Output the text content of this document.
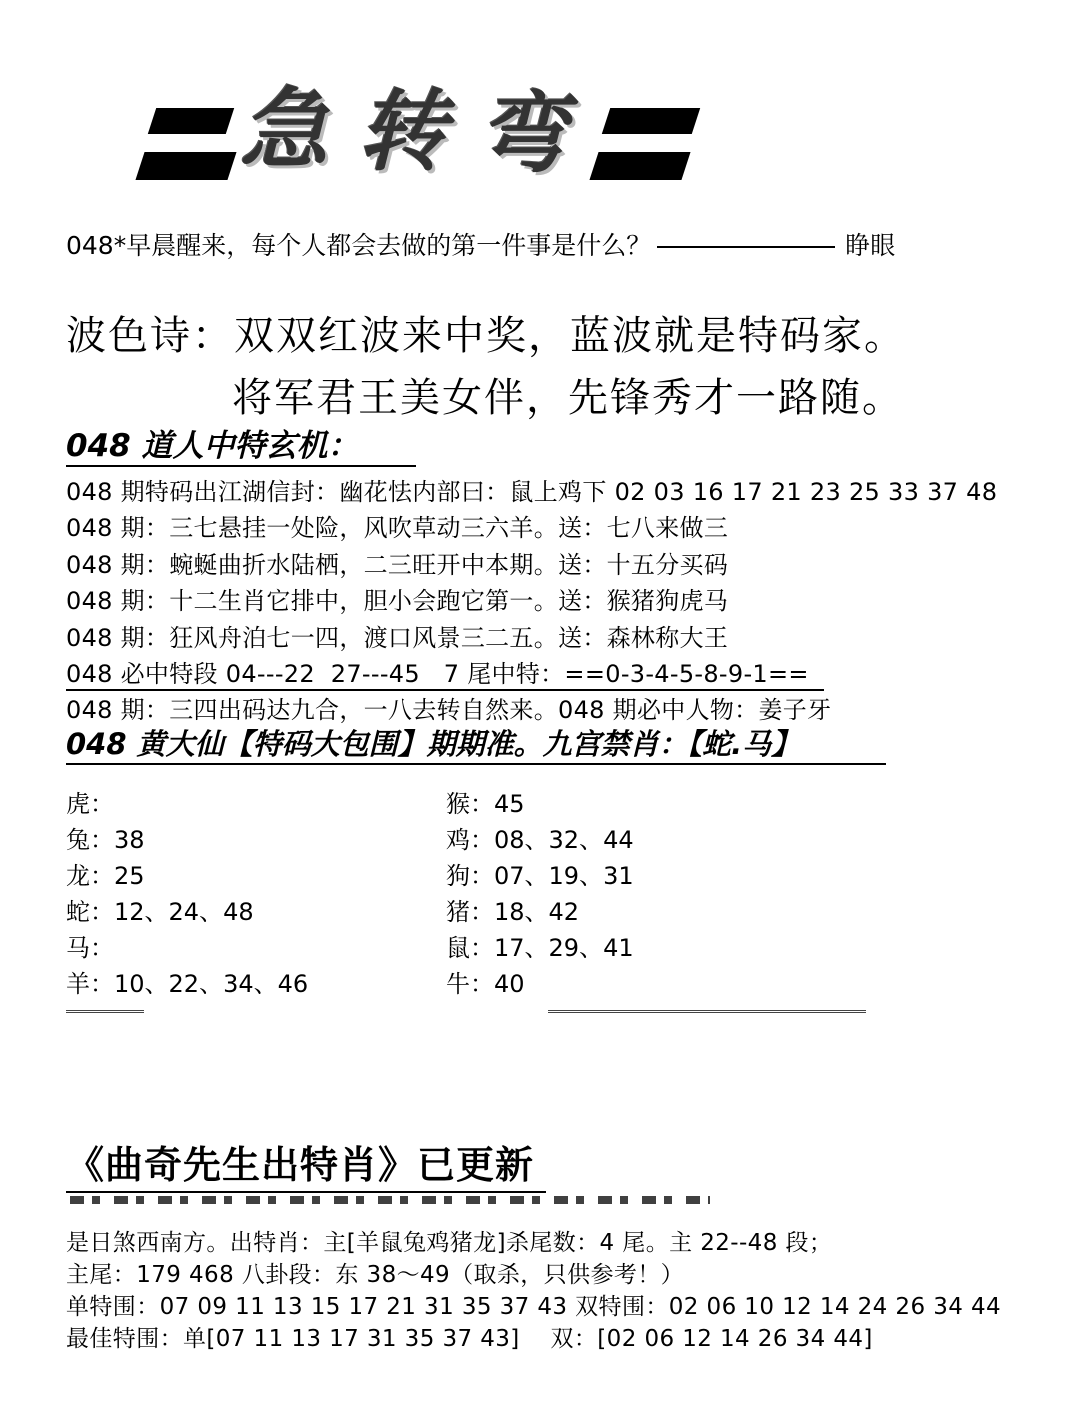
急 转 弯
048*早晨醒来，每个人都会去做的第一件事是什么？	睁眼
波色诗：双双红波来中奖，蓝波就是特码家。
将军君王美女伴，先锋秀才一路随。
048 道人中特玄机：
048 期特码出江湖信封：幽花怯内部曰：鼠上鸡下 02 03 16 17 21 23 25 33 37 48
048 期：三七悬挂一处险，风吹草动三六羊。送：七八来做三
048 期：蜿蜒曲折水陆栖，二三旺开中本期。送：十五分买码
048 期：十二生肖它排中，胆小会跑它第一。送：猴猪狗虎马
048 期：狂风舟泊七一四，渡口风景三二五。送：森林称大王
048 必中特段 04---22  27---45   7 尾中特：==0-3-4-5-8-9-1==
048 期：三四出码达九合，一八去转自然来。048 期必中人物：姜子牙
048 黄大仙【特码大包围】期期准。九宫禁肖：【蛇.马】
虎：
兔：38
龙：25
蛇：12、24、48
马：
羊：10、22、34、46
猴：45
鸡：08、32、44
狗：07、19、31
猪：18、42
鼠：17、29、41
牛：40
《曲奇先生出特肖》已更新
是日煞西南方。出特肖：主[羊鼠兔鸡猪龙]杀尾数：4 尾。主 22--48 段；
主尾：179 468 八卦段：东 38～49（取杀，只供参考！）
单特围：07 09 11 13 15 17 21 31 35 37 43 双特围：02 06 10 12 14 24 26 34 44
最佳特围：单[07 11 13 17 31 35 37 43]    双：[02 06 12 14 26 34 44]
